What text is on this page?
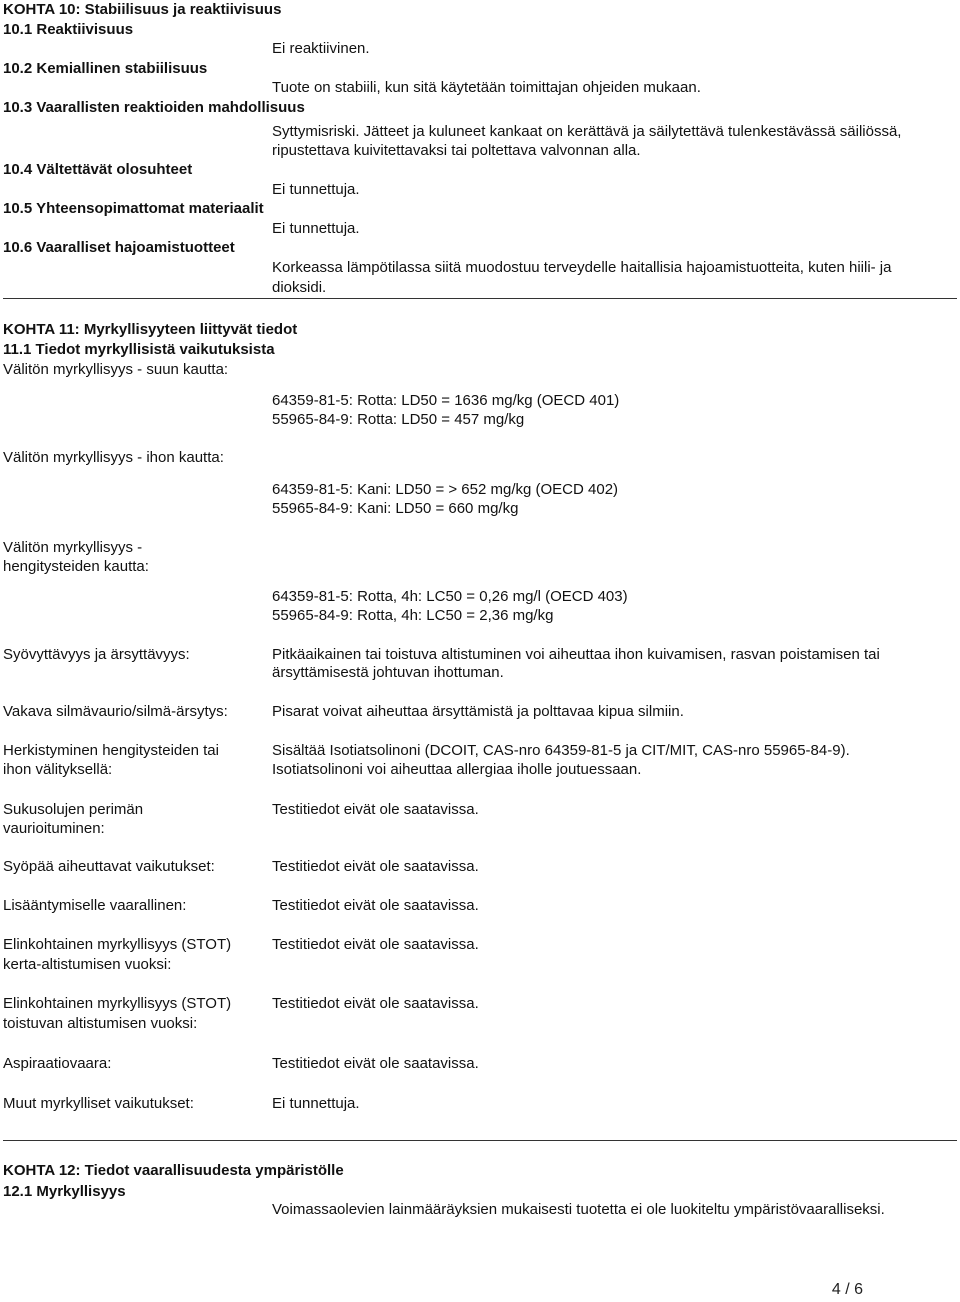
KOHTA 10: Stabiilisuus ja reaktiivisuus
10.1 Reaktiivisuus
Ei reaktiivinen.
10.2 Kemiallinen stabiilisuus
Tuote on stabiili, kun sitä käytetään toimittajan ohjeiden mukaan.
10.3 Vaarallisten reaktioiden mahdollisuus
Syttymisriski. Jätteet ja kuluneet kankaat on kerättävä ja säilytettävä tulenkestävässä säiliössä,
ripustettava kuivitettavaksi tai poltettava valvonnan alla.
10.4 Vältettävät olosuhteet
Ei tunnettuja.
10.5 Yhteensopimattomat materiaalit
Ei tunnettuja.
10.6 Vaaralliset hajoamistuotteet
Korkeassa lämpötilassa siitä muodostuu terveydelle haitallisia hajoamistuotteita, kuten hiili- ja
dioksidi.
KOHTA 11: Myrkyllisyyteen liittyvät tiedot
11.1 Tiedot myrkyllisistä vaikutuksista
Välitön myrkyllisyys - suun kautta:
64359-81-5: Rotta: LD50 = 1636 mg/kg (OECD 401)
55965-84-9: Rotta: LD50 = 457 mg/kg
Välitön myrkyllisyys - ihon kautta:
64359-81-5: Kani: LD50 = > 652 mg/kg (OECD 402)
55965-84-9: Kani: LD50 = 660 mg/kg
Välitön myrkyllisyys -
hengitysteiden kautta:
64359-81-5: Rotta, 4h: LC50 = 0,26 mg/l (OECD 403)
55965-84-9: Rotta, 4h: LC50 = 2,36 mg/kg
Syövyttävyys ja ärsyttävyys:	Pitkäaikainen tai toistuva altistuminen voi aiheuttaa ihon kuivamisen, rasvan poistamisen tai
ärsyttämisestä johtuvan ihottuman.
Vakava silmävaurio/silmä-ärsytys:	Pisarat voivat aiheuttaa ärsyttämistä ja polttavaa kipua silmiin.
Herkistyminen hengitysteiden tai
ihon välityksellä:
Sisältää Isotiatsolinoni (DCOIT, CAS-nro 64359-81-5 ja CIT/MIT, CAS-nro 55965-84-9).
Isotiatsolinoni voi aiheuttaa allergiaa iholle joutuessaan.
Sukusolujen perimän
vaurioituminen:
Testitiedot eivät ole saatavissa.
Syöpää aiheuttavat vaikutukset:	Testitiedot eivät ole saatavissa.
Lisääntymiselle vaarallinen:	Testitiedot eivät ole saatavissa.
Elinkohtainen myrkyllisyys (STOT)
kerta-altistumisen vuoksi:
Testitiedot eivät ole saatavissa.
Elinkohtainen myrkyllisyys (STOT)
toistuvan altistumisen vuoksi:
Testitiedot eivät ole saatavissa.
Aspiraatiovaara:	Testitiedot eivät ole saatavissa.
Muut myrkylliset vaikutukset:	Ei tunnettuja.
KOHTA 12: Tiedot vaarallisuudesta ympäristölle
12.1 Myrkyllisyys
Voimassaolevien lainmääräyksien mukaisesti tuotetta ei ole luokiteltu ympäristövaaralliseksi.
4 / 6
